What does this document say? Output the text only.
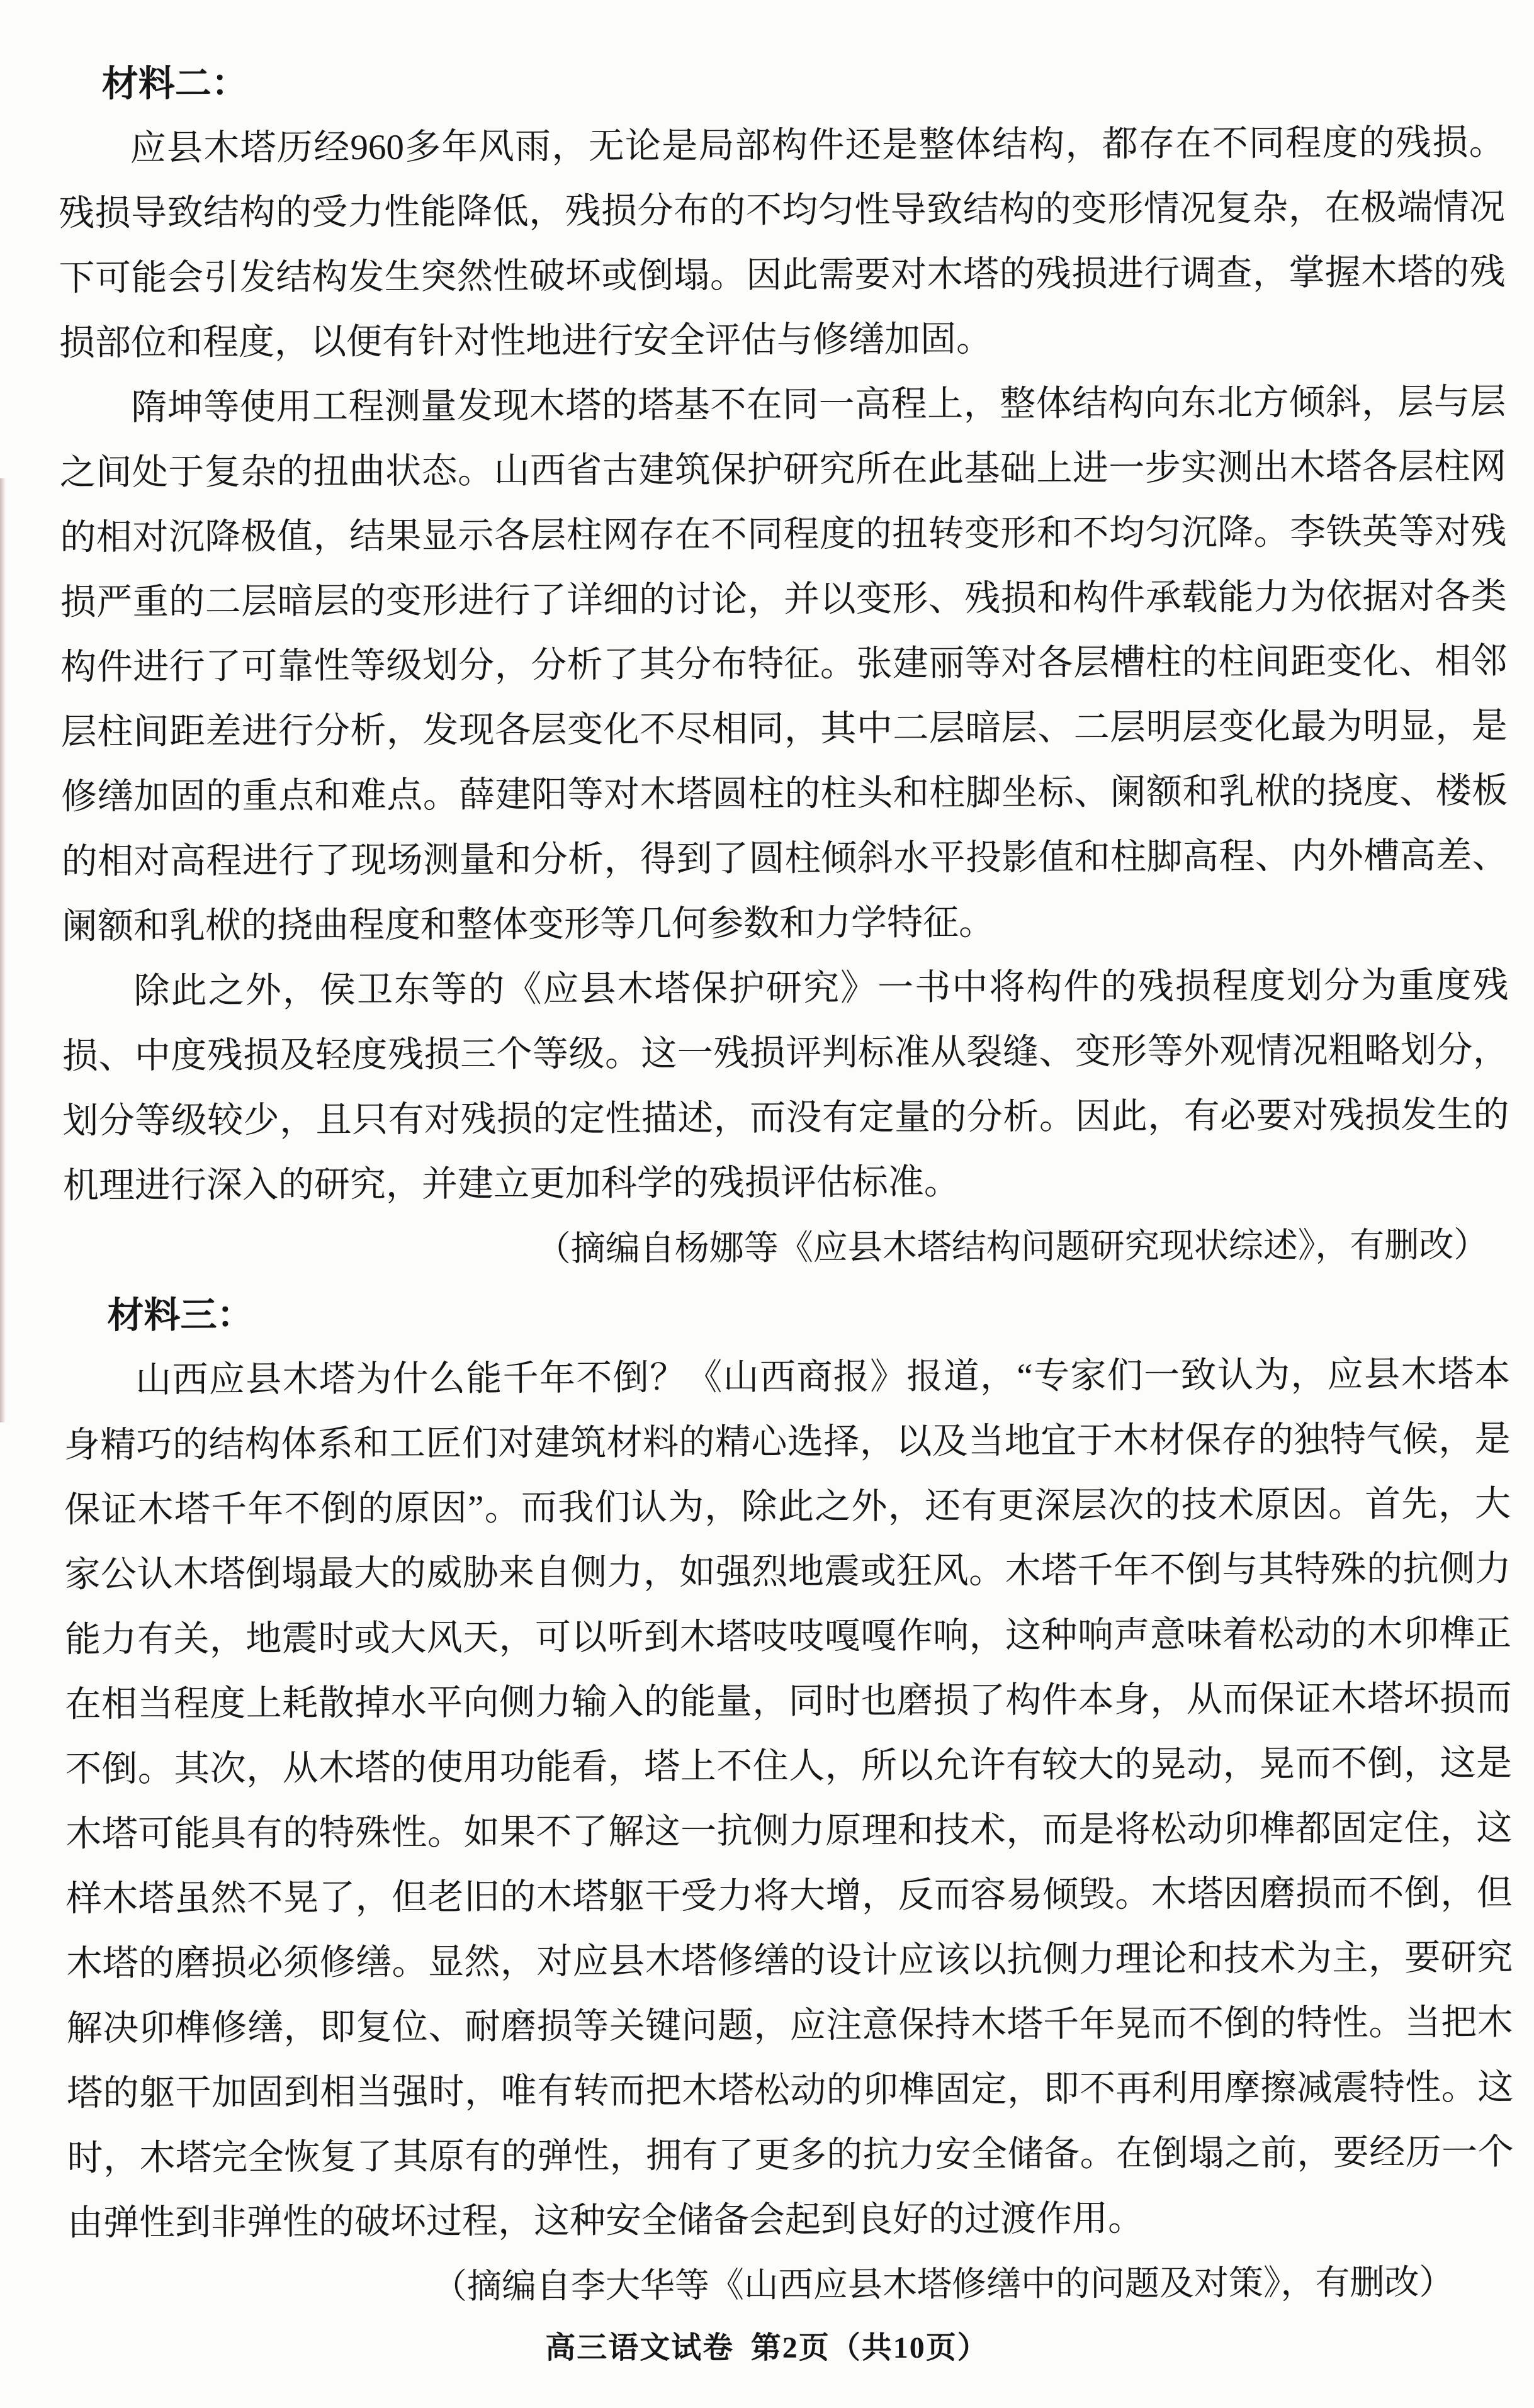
材料二：

应县木塔历经960多年风雨，无论是局部构件还是整体结构，都存在不同程度的残损。残损导致结构的受力性能降低，残损分布的不均匀性导致结构的变形情况复杂，在极端情况下可能会引发结构发生突然性破坏或倒塌。因此需要对木塔的残损进行调查，掌握木塔的残损部位和程度，以便有针对性地进行安全评估与修缮加固。

隋坤等使用工程测量发现木塔的塔基不在同一高程上，整体结构向东北方倾斜，层与层之间处于复杂的扭曲状态。山西省古建筑保护研究所在此基础上进一步实测出木塔各层柱网的相对沉降极值，结果显示各层柱网存在不同程度的扭转变形和不均匀沉降。李铁英等对残损严重的二层暗层的变形进行了详细的讨论，并以变形、残损和构件承载能力为依据对各类构件进行了可靠性等级划分，分析了其分布特征。张建丽等对各层槽柱的柱间距变化、相邻层柱间距差进行分析，发现各层变化不尽相同，其中二层暗层、二层明层变化最为明显，是修缮加固的重点和难点。薛建阳等对木塔圆柱的柱头和柱脚坐标、阑额和乳栿的挠度、楼板的相对高程进行了现场测量和分析，得到了圆柱倾斜水平投影值和柱脚高程、内外槽高差、阑额和乳栿的挠曲程度和整体变形等几何参数和力学特征。

除此之外，侯卫东等的《应县木塔保护研究》一书中将构件的残损程度划分为重度残损、中度残损及轻度残损三个等级。这一残损评判标准从裂缝、变形等外观情况粗略划分，划分等级较少，且只有对残损的定性描述，而没有定量的分析。因此，有必要对残损发生的机理进行深入的研究，并建立更加科学的残损评估标准。

（摘编自杨娜等《应县木塔结构问题研究现状综述》，有删改）

材料三：

山西应县木塔为什么能千年不倒？《山西商报》报道，“专家们一致认为，应县木塔本身精巧的结构体系和工匠们对建筑材料的精心选择，以及当地宜于木材保存的独特气候，是保证木塔千年不倒的原因”。而我们认为，除此之外，还有更深层次的技术原因。首先，大家公认木塔倒塌最大的威胁来自侧力，如强烈地震或狂风。木塔千年不倒与其特殊的抗侧力能力有关，地震时或大风天，可以听到木塔吱吱嘎嘎作响，这种响声意味着松动的木卯榫正在相当程度上耗散掉水平向侧力输入的能量，同时也磨损了构件本身，从而保证木塔坏损而不倒。其次，从木塔的使用功能看，塔上不住人，所以允许有较大的晃动，晃而不倒，这是木塔可能具有的特殊性。如果不了解这一抗侧力原理和技术，而是将松动卯榫都固定住，这样木塔虽然不晃了，但老旧的木塔躯干受力将大增，反而容易倾毁。木塔因磨损而不倒，但木塔的磨损必须修缮。显然，对应县木塔修缮的设计应该以抗侧力理论和技术为主，要研究解决卯榫修缮，即复位、耐磨损等关键问题，应注意保持木塔千年晃而不倒的特性。当把木塔的躯干加固到相当强时，唯有转而把木塔松动的卯榫固定，即不再利用摩擦减震特性。这时，木塔完全恢复了其原有的弹性，拥有了更多的抗力安全储备。在倒塌之前，要经历一个由弹性到非弹性的破坏过程，这种安全储备会起到良好的过渡作用。

（摘编自李大华等《山西应县木塔修缮中的问题及对策》，有删改）

高三语文试卷 第2页（共10页）
